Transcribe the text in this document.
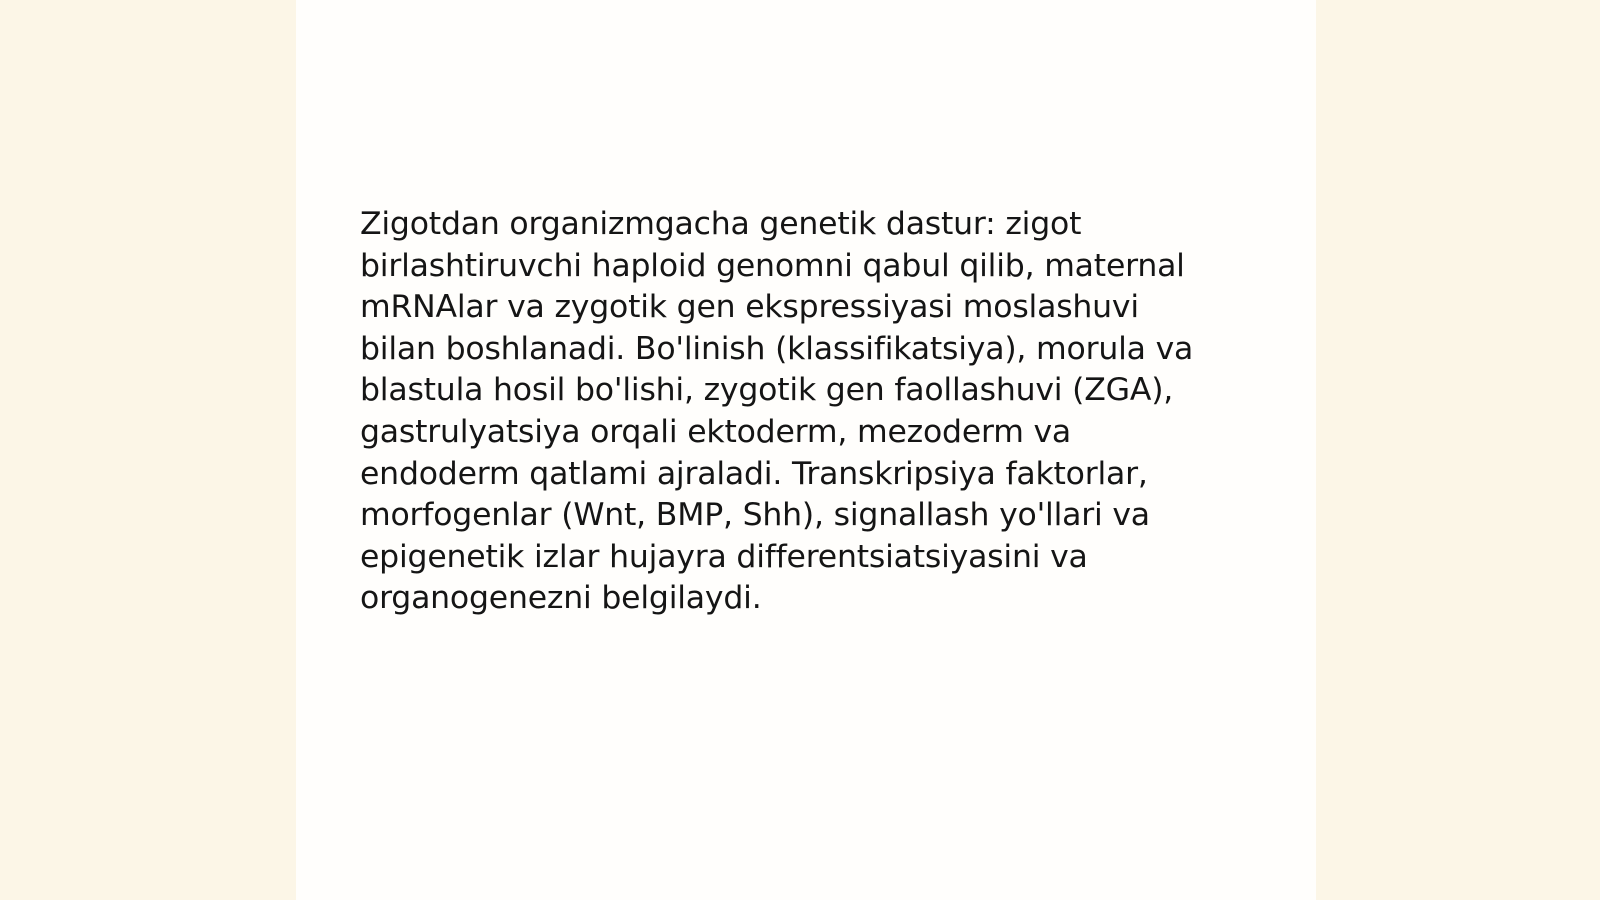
Zigotdan organizmgacha genetik dastur: zigot
birlashtiruvchi haploid genomni qabul qilib, maternal
mRNAlar va zygotik gen ekspressiyasi moslashuvi
bilan boshlanadi. Bo'linish (klassifikatsiya), morula va
blastula hosil bo'lishi, zygotik gen faollashuvi (ZGA),
gastrulyatsiya orqali ektoderm, mezoderm va
endoderm qatlami ajraladi. Transkripsiya faktorlar,
morfogenlar (Wnt, BMP, Shh), signallash yo'llari va
epigenetik izlar hujayra differentsiatsiyasini va
organogenezni belgilaydi.
